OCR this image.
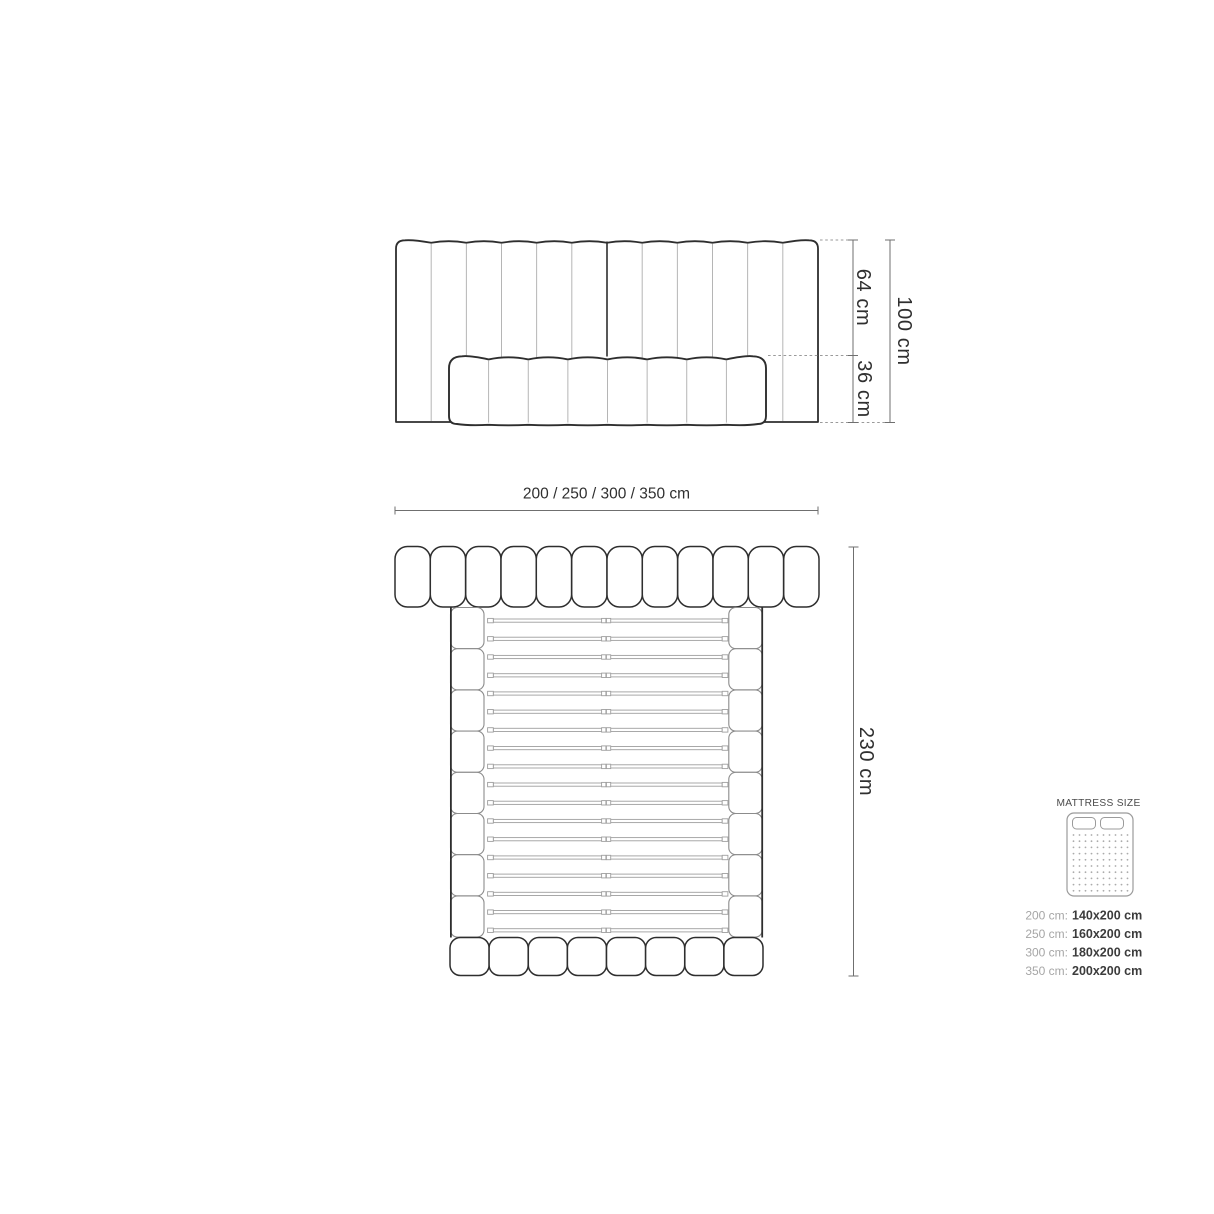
64 cm
36 cm
100 cm
200 / 250 / 300 / 350 cm
230 cm
MATTRESS SIZE
200 cm: 140x200 cm
250 cm: 160x200 cm
300 cm: 180x200 cm
350 cm: 200x200 cm
